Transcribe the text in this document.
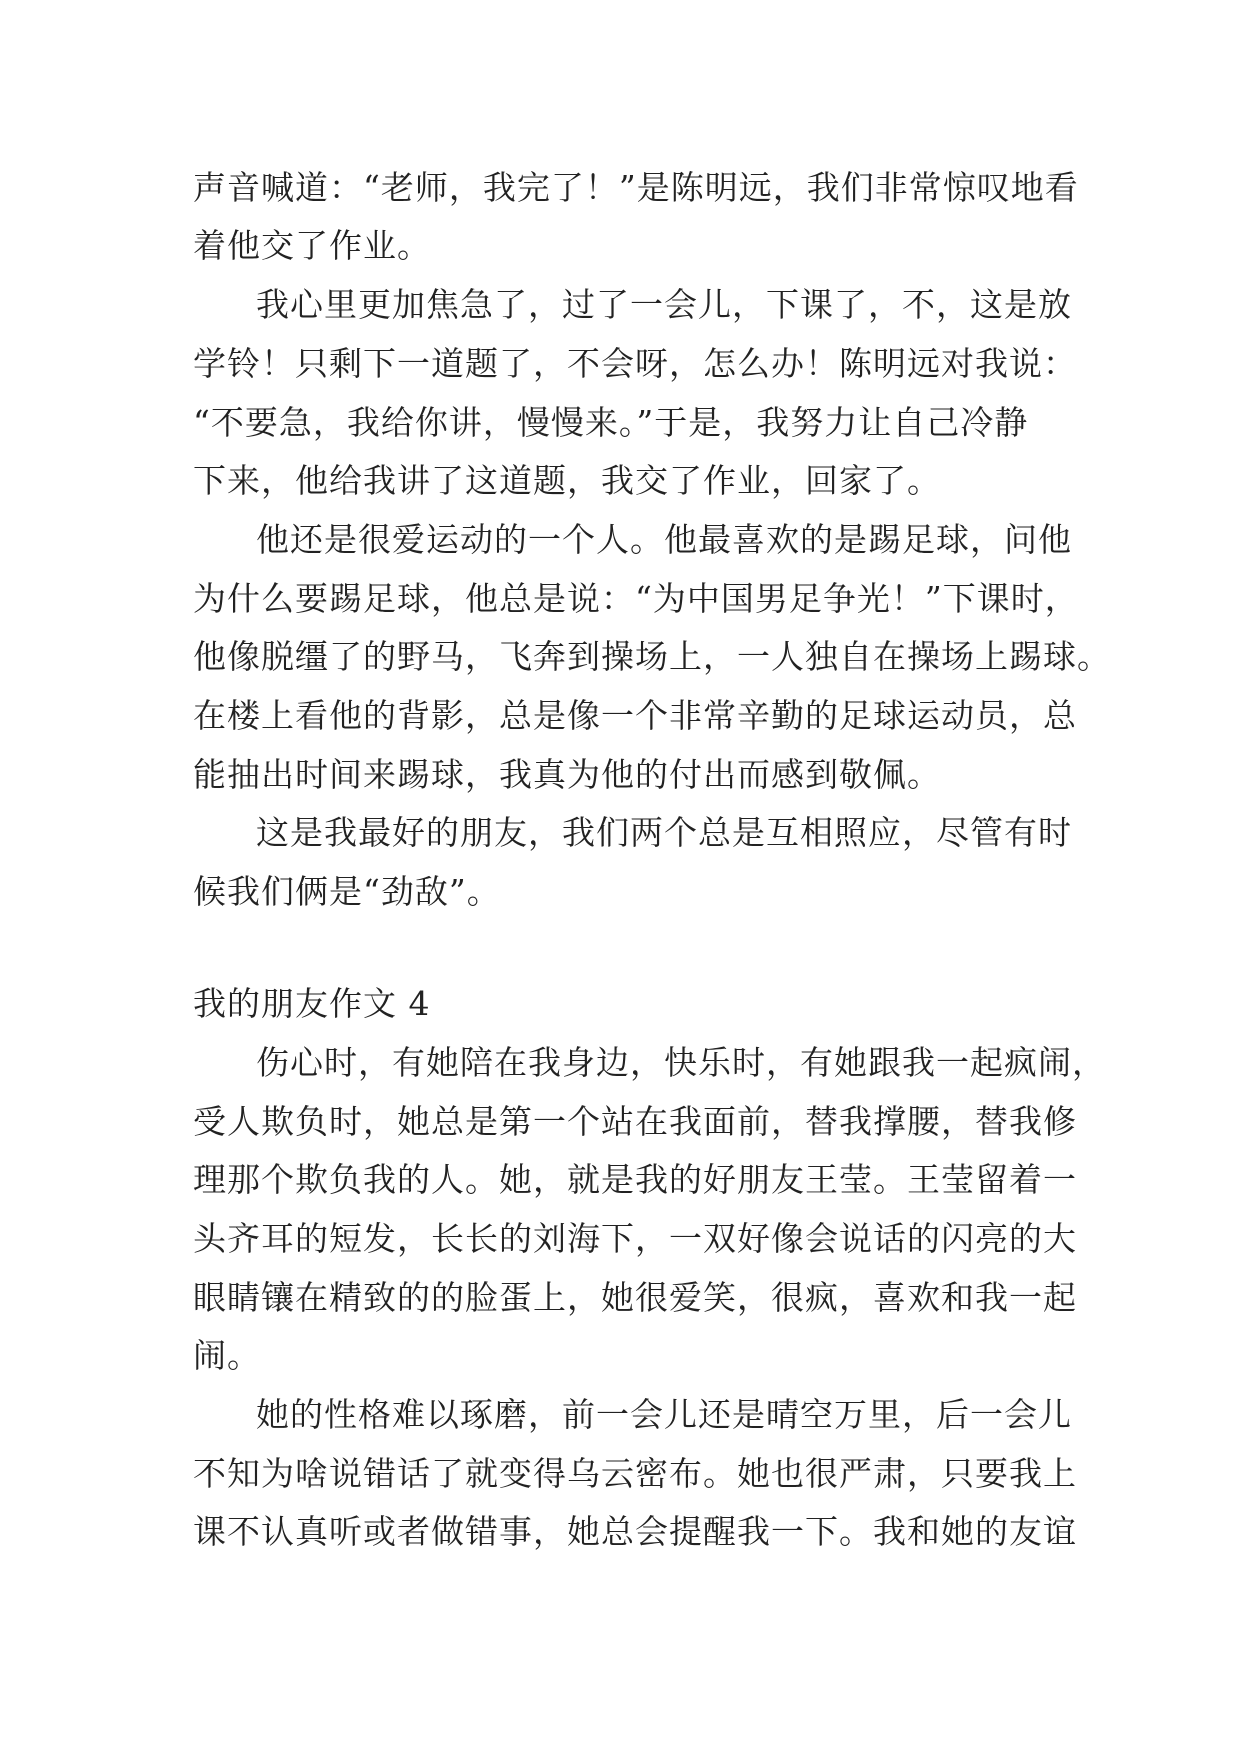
声音喊道：“老师，我完了！”是陈明远，我们非常惊叹地看
着他交了作业。
我心里更加焦急了，过了一会儿，下课了，不，这是放
学铃！只剩下一道题了，不会呀，怎么办！陈明远对我说：
“不要急，我给你讲，慢慢来。”于是，我努力让自己冷静
下来，他给我讲了这道题，我交了作业，回家了。
他还是很爱运动的一个人。他最喜欢的是踢足球，问他
为什么要踢足球，他总是说：“为中国男足争光！”下课时，
他像脱缰了的野马，飞奔到操场上，一人独自在操场上踢球。
在楼上看他的背影，总是像一个非常辛勤的足球运动员，总
能抽出时间来踢球，我真为他的付出而感到敬佩。
这是我最好的朋友，我们两个总是互相照应，尽管有时
候我们俩是“劲敌”。
我的朋友作文 4
伤心时，有她陪在我身边，快乐时，有她跟我一起疯闹，
受人欺负时，她总是第一个站在我面前，替我撑腰，替我修
理那个欺负我的人。她，就是我的好朋友王莹。王莹留着一
头齐耳的短发，长长的刘海下，一双好像会说话的闪亮的大
眼睛镶在精致的的脸蛋上，她很爱笑，很疯，喜欢和我一起
闹。
她的性格难以琢磨，前一会儿还是晴空万里，后一会儿
不知为啥说错话了就变得乌云密布。她也很严肃，只要我上
课不认真听或者做错事，她总会提醒我一下。我和她的友谊
